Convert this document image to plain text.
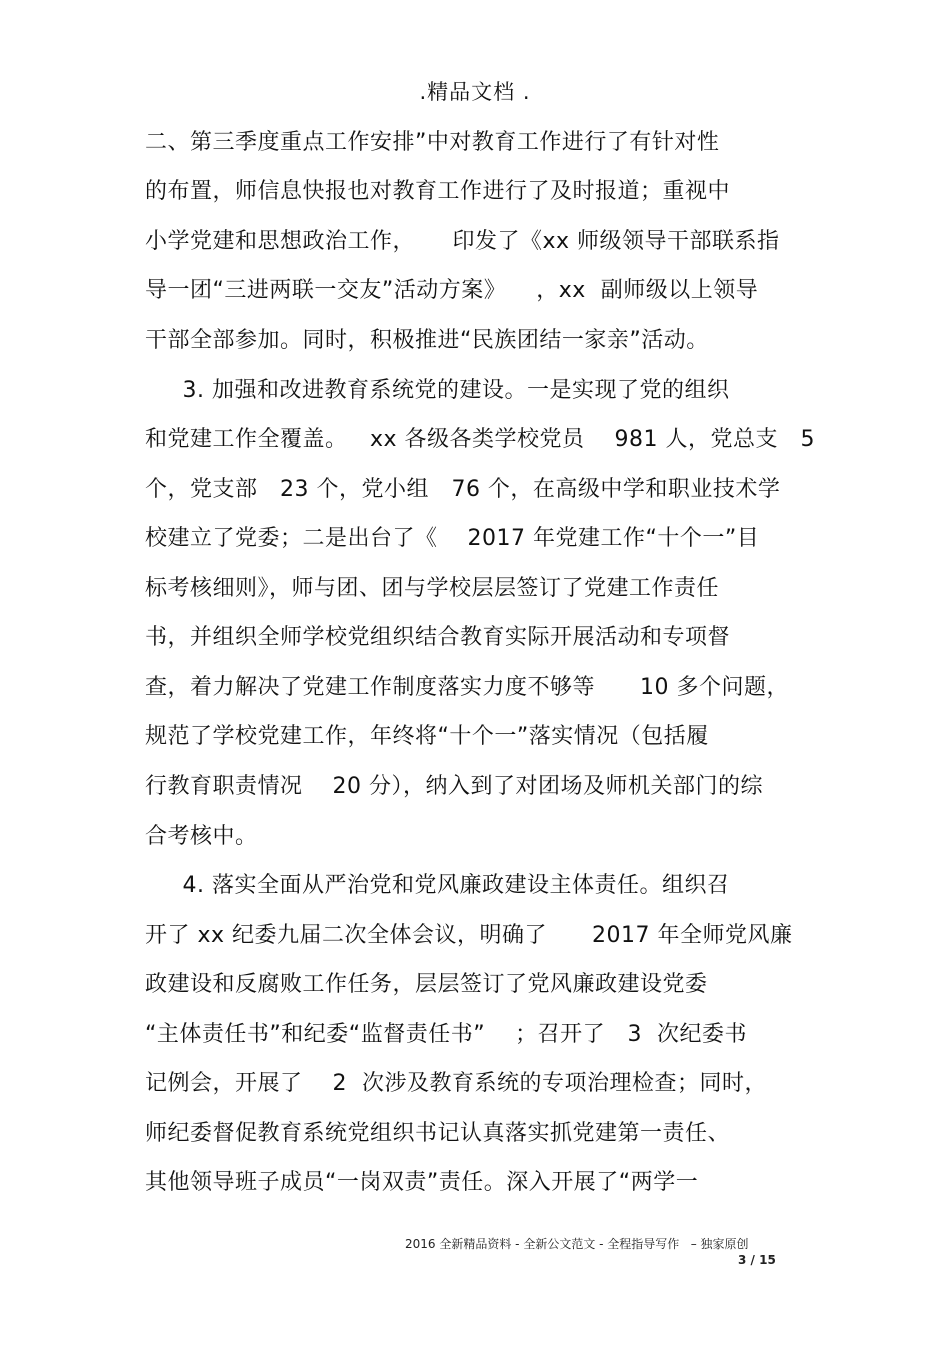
.精品文档 .
二、第三季度重点工作安排”中对教育工作进行了有针对性
的布置，师信息快报也对教育工作进行了及时报道；重视中
小学党建和思想政治工作，     印发了《xx 师级领导干部联系指
导一团“三进两联一交友”活动方案》    ，xx  副师级以上领导
干部全部参加。同时，积极推进“民族团结一家亲”活动。
3. 加强和改进教育系统党的建设。一是实现了党的组织
和党建工作全覆盖。   xx 各级各类学校党员    981 人，党总支   5
个，党支部   23 个，党小组   76 个，在高级中学和职业技术学
校建立了党委；二是出台了《    2017 年党建工作“十个一”目
标考核细则》，师与团、团与学校层层签订了党建工作责任
书，并组织全师学校党组织结合教育实际开展活动和专项督
查，着力解决了党建工作制度落实力度不够等      10 多个问题，
规范了学校党建工作，年终将“十个一”落实情况（包括履
行教育职责情况    20 分），纳入到了对团场及师机关部门的综
合考核中。
4. 落实全面从严治党和党风廉政建设主体责任。组织召
开了 xx 纪委九届二次全体会议，明确了      2017 年全师党风廉
政建设和反腐败工作任务，层层签订了党风廉政建设党委
“主体责任书”和纪委“监督责任书”    ；召开了   3  次纪委书
记例会，开展了    2  次涉及教育系统的专项治理检查；同时，
师纪委督促教育系统党组织书记认真落实抓党建第一责任、
其他领导班子成员“一岗双责”责任。深入开展了“两学一
2016 全新精品资料 - 全新公文范文 - 全程指导写作   – 独家原创
3 / 15
